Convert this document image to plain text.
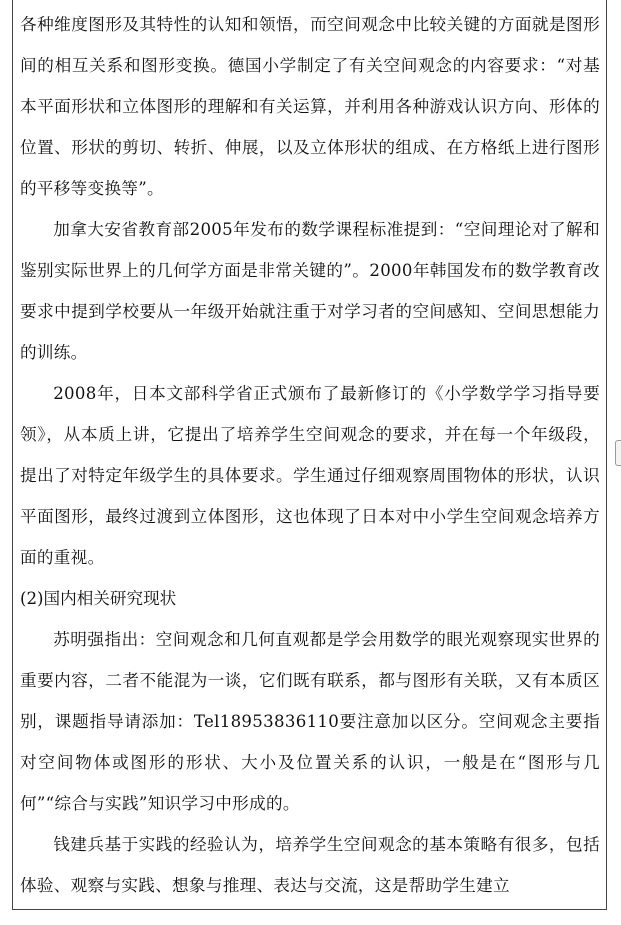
各种维度图形及其特性的认知和领悟，而空间观念中比较关键的方面就是图形间的相互关系和图形变换。德国小学制定了有关空间观念的内容要求：“对基本平面形状和立体图形的理解和有关运算，并利用各种游戏认识方向、形体的位置、形状的剪切、转折、伸展，以及立体形状的组成、在方格纸上进行图形的平移等变换等”。

加拿大安省教育部2005年发布的数学课程标准提到：“空间理论对了解和鉴别实际世界上的几何学方面是非常关键的”。2000年韩国发布的数学教育改要求中提到学校要从一年级开始就注重于对学习者的空间感知、空间思想能力的训练。

2008年，日本文部科学省正式颁布了最新修订的《小学数学学习指导要领》，从本质上讲，它提出了培养学生空间观念的要求，并在每一个年级段，提出了对特定年级学生的具体要求。学生通过仔细观察周围物体的形状，认识平面图形，最终过渡到立体图形，这也体现了日本对中小学生空间观念培养方面的重视。

(2)国内相关研究现状

苏明强指出：空间观念和几何直观都是学会用数学的眼光观察现实世界的重要内容，二者不能混为一谈，它们既有联系，都与图形有关联，又有本质区别，课题指导请添加：Tel18953836110要注意加以区分。空间观念主要指对空间物体或图形的形状、大小及位置关系的认识，一般是在“图形与几何”“综合与实践”知识学习中形成的。

钱建兵基于实践的经验认为，培养学生空间观念的基本策略有很多，包括体验、观察与实践、想象与推理、表达与交流，这是帮助学生建立
